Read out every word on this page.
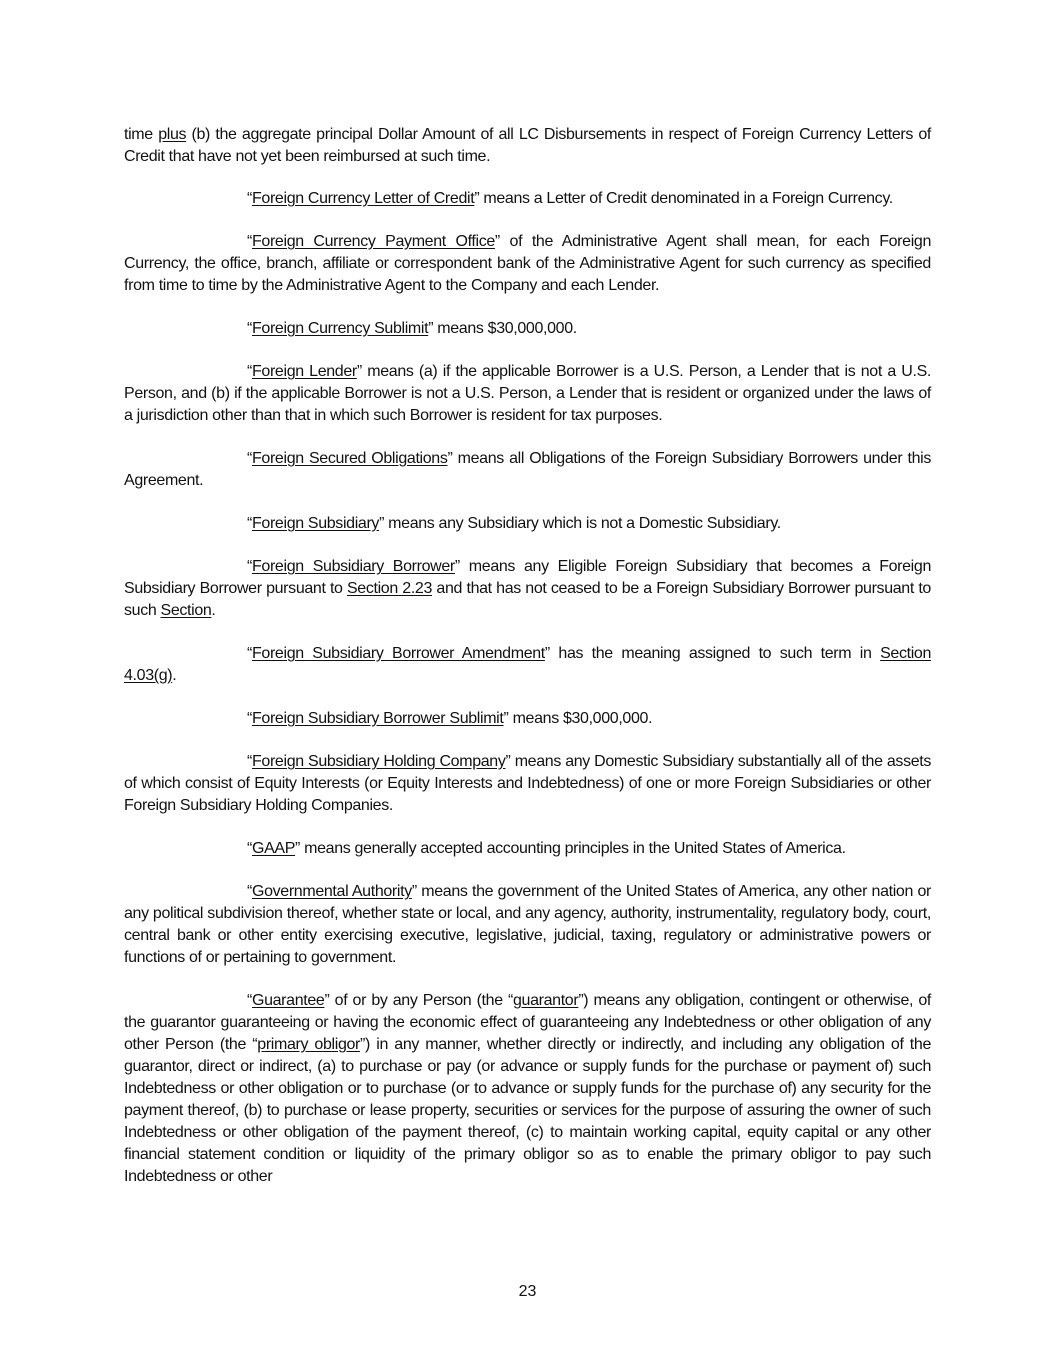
time plus (b) the aggregate principal Dollar Amount of all LC Disbursements in respect of Foreign Currency Letters of Credit that have not yet been reimbursed at such time.

“Foreign Currency Letter of Credit” means a Letter of Credit denominated in a Foreign Currency.

“Foreign Currency Payment Office” of the Administrative Agent shall mean, for each Foreign Currency, the office, branch, affiliate or correspondent bank of the Administrative Agent for such currency as specified from time to time by the Administrative Agent to the Company and each Lender.

“Foreign Currency Sublimit” means $30,000,000.

“Foreign Lender” means (a) if the applicable Borrower is a U.S. Person, a Lender that is not a U.S. Person, and (b) if the applicable Borrower is not a U.S. Person, a Lender that is resident or organized under the laws of a jurisdiction other than that in which such Borrower is resident for tax purposes.

“Foreign Secured Obligations” means all Obligations of the Foreign Subsidiary Borrowers under this Agreement.

“Foreign Subsidiary” means any Subsidiary which is not a Domestic Subsidiary.

“Foreign Subsidiary Borrower” means any Eligible Foreign Subsidiary that becomes a Foreign Subsidiary Borrower pursuant to Section 2.23 and that has not ceased to be a Foreign Subsidiary Borrower pursuant to such Section.

“Foreign Subsidiary Borrower Amendment” has the meaning assigned to such term in Section 4.03(g).

“Foreign Subsidiary Borrower Sublimit” means $30,000,000.

“Foreign Subsidiary Holding Company” means any Domestic Subsidiary substantially all of the assets of which consist of Equity Interests (or Equity Interests and Indebtedness) of one or more Foreign Subsidiaries or other Foreign Subsidiary Holding Companies.

“GAAP” means generally accepted accounting principles in the United States of America.

“Governmental Authority” means the government of the United States of America, any other nation or any political subdivision thereof, whether state or local, and any agency, authority, instrumentality, regulatory body, court, central bank or other entity exercising executive, legislative, judicial, taxing, regulatory or administrative powers or functions of or pertaining to government.

“Guarantee” of or by any Person (the “guarantor”) means any obligation, contingent or otherwise, of the guarantor guaranteeing or having the economic effect of guaranteeing any Indebtedness or other obligation of any other Person (the “primary obligor”) in any manner, whether directly or indirectly, and including any obligation of the guarantor, direct or indirect, (a) to purchase or pay (or advance or supply funds for the purchase or payment of) such Indebtedness or other obligation or to purchase (or to advance or supply funds for the purchase of) any security for the payment thereof, (b) to purchase or lease property, securities or services for the purpose of assuring the owner of such Indebtedness or other obligation of the payment thereof, (c) to maintain working capital, equity capital or any other financial statement condition or liquidity of the primary obligor so as to enable the primary obligor to pay such Indebtedness or other

23
